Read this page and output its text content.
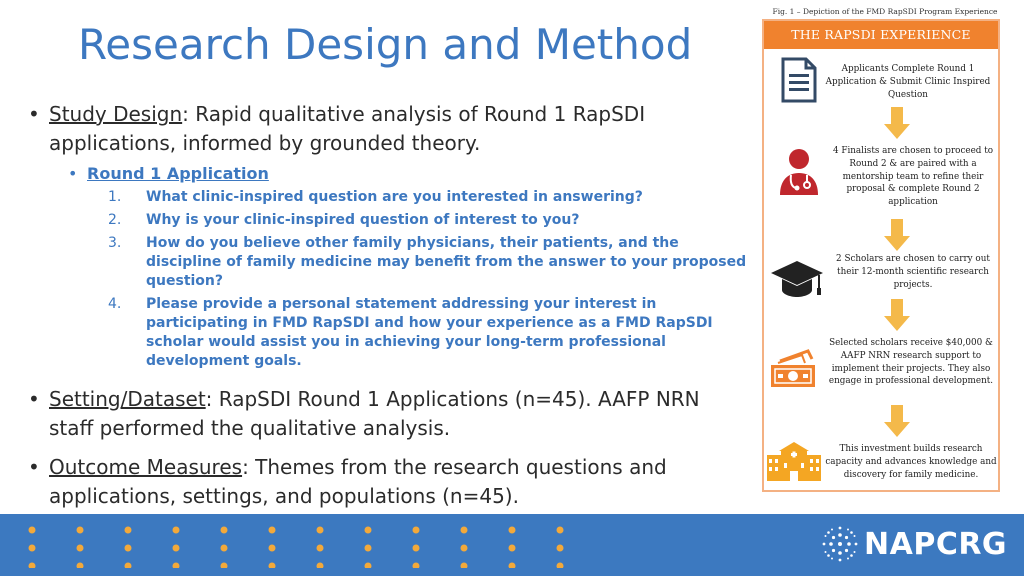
Research Design and Method
• Study Design: Rapid qualitative analysis of Round 1 RapSDI applications, informed by grounded theory.
• Round 1 Application
1. What clinic-inspired question are you interested in answering?
2. Why is your clinic-inspired question of interest to you?
3. How do you believe other family physicians, their patients, and the discipline of family medicine may benefit from the answer to your proposed question?
4. Please provide a personal statement addressing your interest in participating in FMD RapSDI and how your experience as a FMD RapSDI scholar would assist you in achieving your long-term professional development goals.
• Setting/Dataset: RapSDI Round 1 Applications (n=45). AAFP NRN staff performed the qualitative analysis.
• Outcome Measures: Themes from the research questions and applications, settings, and populations (n=45).
Fig. 1 – Depiction of the FMD RapSDI Program Experience
THE RAPSDI EXPERIENCE
Applicants Complete Round 1 Application & Submit Clinic Inspired Question
4 Finalists are chosen to proceed to Round 2 & are paired with a mentorship team to refine their proposal & complete Round 2 application
2 Scholars are chosen to carry out their 12-month scientific research projects.
Selected scholars receive $40,000 & AAFP NRN research support to implement their projects. They also engage in professional development.
This investment builds research capacity and advances knowledge and discovery for family medicine.
NAPCRG
